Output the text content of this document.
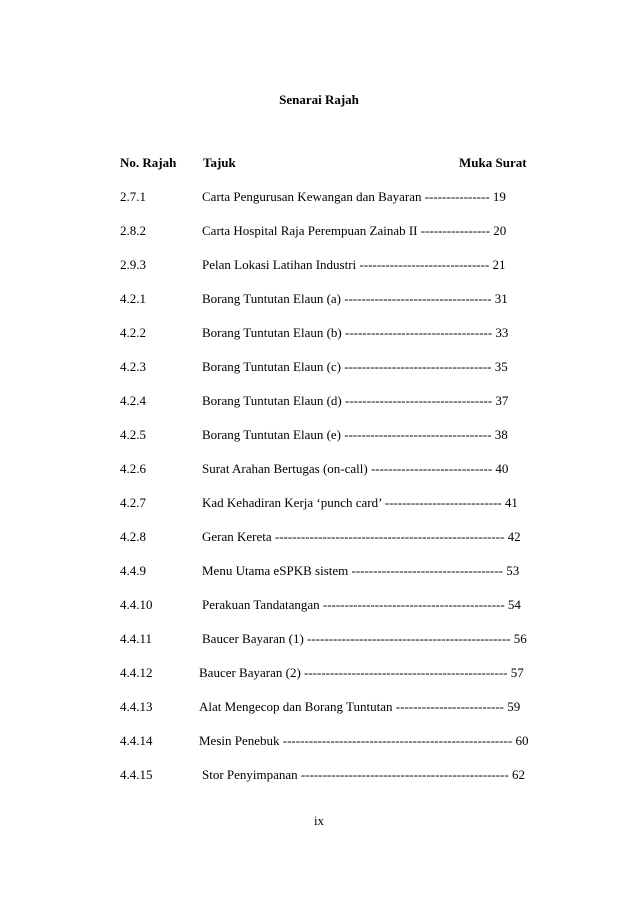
Senarai Rajah
No. Rajah Tajuk	Muka Surat
2.7.1	Carta Pengurusan Kewangan dan Bayaran --------------- 19
2.8.2	Carta Hospital Raja Perempuan Zainab II ---------------- 20
2.9.3	Pelan Lokasi Latihan Industri ------------------------------ 21
4.2.1	Borang Tuntutan Elaun (a) ---------------------------------- 31
4.2.2	Borang Tuntutan Elaun (b) ---------------------------------- 33
4.2.3	Borang Tuntutan Elaun (c) ---------------------------------- 35
4.2.4	Borang Tuntutan Elaun (d) ---------------------------------- 37
4.2.5	Borang Tuntutan Elaun (e) ---------------------------------- 38
4.2.6	Surat Arahan Bertugas (on-call) ---------------------------- 40
4.2.7	Kad Kehadiran Kerja ‘punch card’ --------------------------- 41
4.2.8	Geran Kereta ----------------------------------------------------- 42
4.4.9	Menu Utama eSPKB sistem ----------------------------------- 53
4.4.10	Perakuan Tandatangan ------------------------------------------ 54
4.4.11	Baucer Bayaran (1) ----------------------------------------------- 56
4.4.12	Baucer Bayaran (2) ----------------------------------------------- 57
4.4.13	Alat Mengecop dan Borang Tuntutan ------------------------- 59
4.4.14	Mesin Penebuk ----------------------------------------------------- 60
4.4.15	Stor Penyimpanan ------------------------------------------------ 62
ix
